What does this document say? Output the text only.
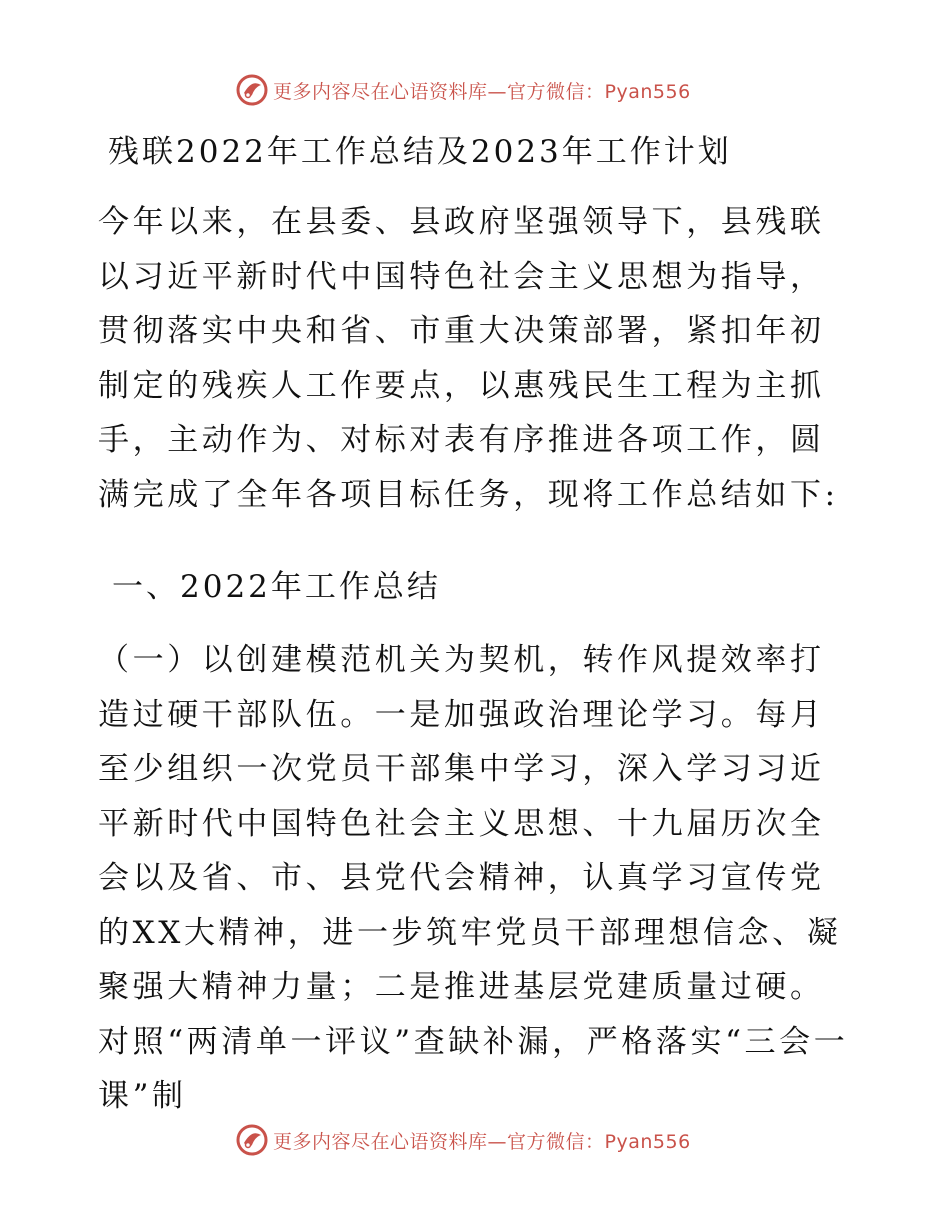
更多内容尽在心语资料库—官方微信：Pyan556
残联2022年工作总结及2023年工作计划

今年以来，在县委、县政府坚强领导下，县残联以习近平新时代中国特色社会主义思想为指导，贯彻落实中央和省、市重大决策部署，紧扣年初制定的残疾人工作要点，以惠残民生工程为主抓手，主动作为、对标对表有序推进各项工作，圆满完成了全年各项目标任务，现将工作总结如下:

一、2022年工作总结

（一）以创建模范机关为契机，转作风提效率打造过硬干部队伍。一是加强政治理论学习。每月至少组织一次党员干部集中学习，深入学习习近平新时代中国特色社会主义思想、十九届历次全会以及省、市、县党代会精神，认真学习宣传党的XX大精神，进一步筑牢党员干部理想信念、凝聚强大精神力量；二是推进基层党建质量过硬。对照“两清单一评议”查缺补漏，严格落实“三会一课”制

更多内容尽在心语资料库—官方微信：Pyan556
